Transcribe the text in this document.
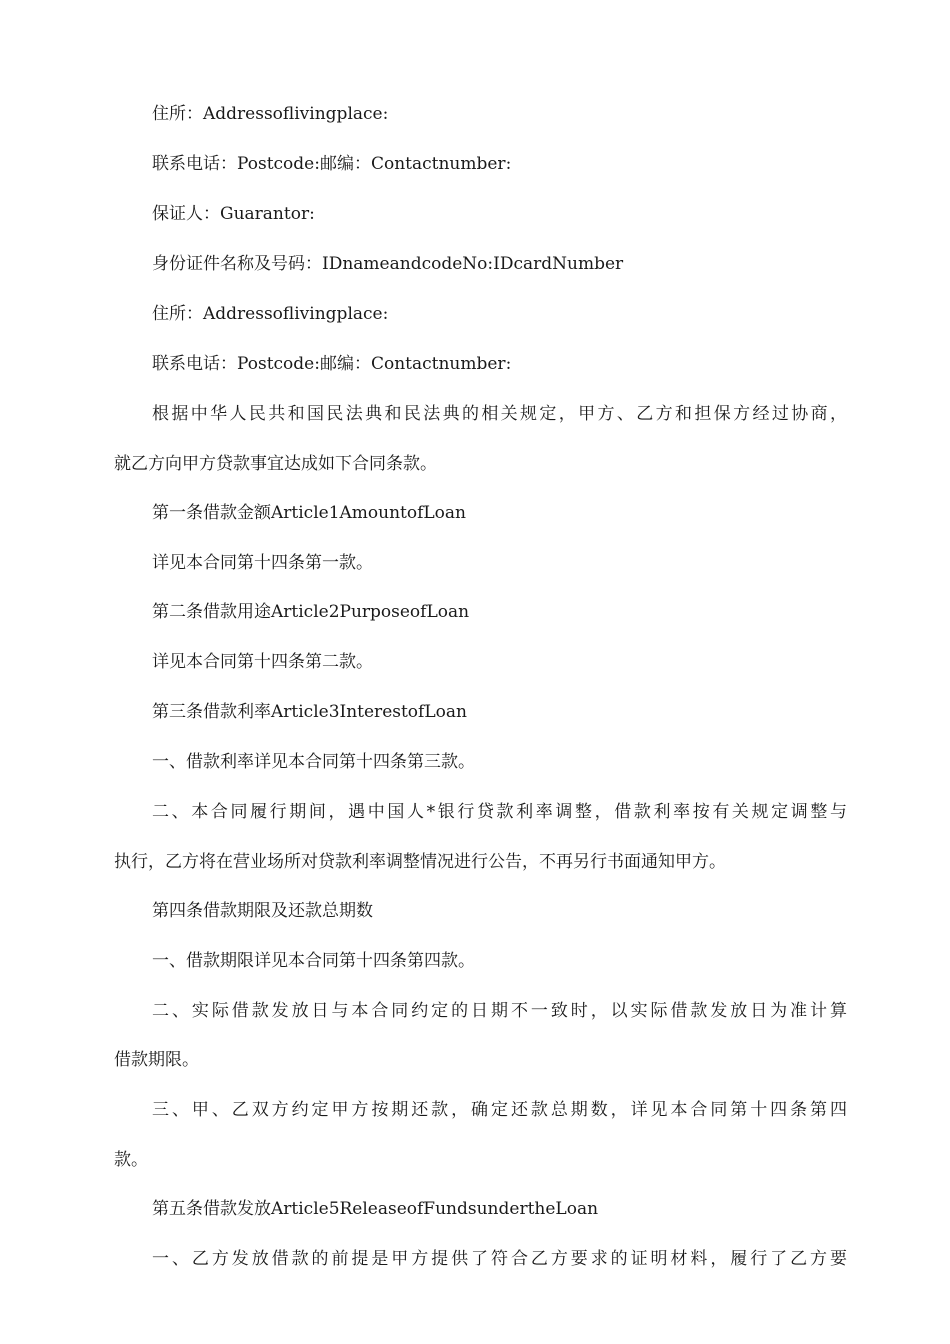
住所：Addressoflivingplace:

联系电话：Postcode:邮编：Contactnumber:

保证人：Guarantor:

身份证件名称及号码：IDnameandcodeNo:IDcardNumber

住所：Addressoflivingplace:

联系电话：Postcode:邮编：Contactnumber:

根据中华人民共和国民法典和民法典的相关规定，甲方、乙方和担保方经过协商，

就乙方向甲方贷款事宜达成如下合同条款。

第一条借款金额Article1AmountofLoan

详见本合同第十四条第一款。

第二条借款用途Article2PurposeofLoan

详见本合同第十四条第二款。

第三条借款利率Article3InterestofLoan

一、借款利率详见本合同第十四条第三款。

二、本合同履行期间，遇中国人*银行贷款利率调整，借款利率按有关规定调整与

执行，乙方将在营业场所对贷款利率调整情况进行公告，不再另行书面通知甲方。

第四条借款期限及还款总期数

一、借款期限详见本合同第十四条第四款。

二、实际借款发放日与本合同约定的日期不一致时，以实际借款发放日为准计算

借款期限。

三、甲、乙双方约定甲方按期还款，确定还款总期数，详见本合同第十四条第四

款。

第五条借款发放Article5ReleaseofFundsundertheLoan

一、乙方发放借款的前提是甲方提供了符合乙方要求的证明材料，履行了乙方要
